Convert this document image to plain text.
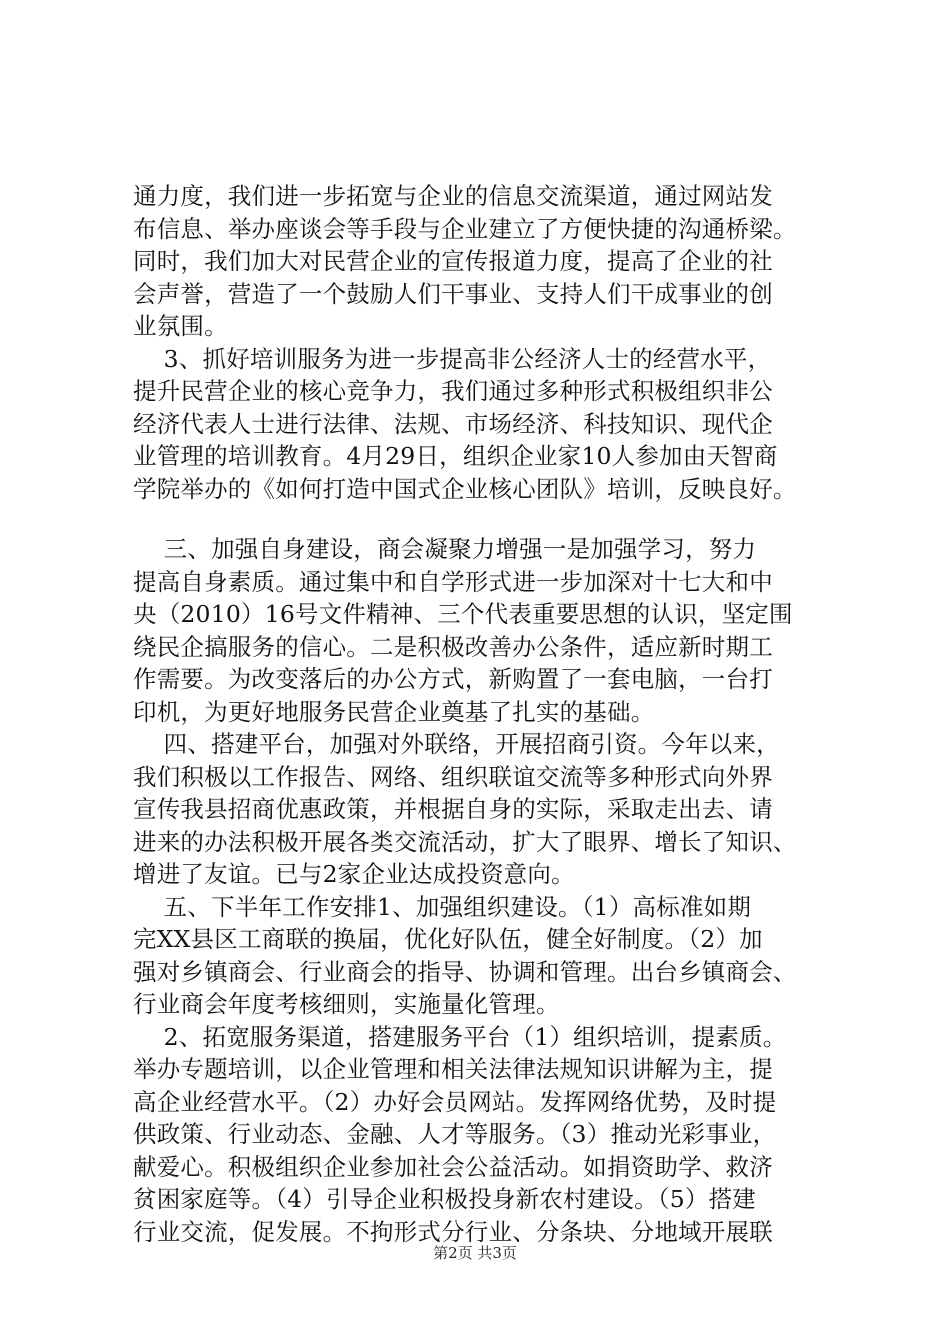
通力度，我们进一步拓宽与企业的信息交流渠道，通过网站发
布信息、举办座谈会等手段与企业建立了方便快捷的沟通桥梁。
同时，我们加大对民营企业的宣传报道力度，提高了企业的社
会声誉，营造了一个鼓励人们干事业、支持人们干成事业的创
业氛围。
3、抓好培训服务为进一步提高非公经济人士的经营水平，
提升民营企业的核心竞争力，我们通过多种形式积极组织非公
经济代表人士进行法律、法规、市场经济、科技知识、现代企
业管理的培训教育。4月29日，组织企业家10人参加由天智商
学院举办的《如何打造中国式企业核心团队》培训，反映良好。
三、加强自身建设，商会凝聚力增强一是加强学习，努力
提高自身素质。通过集中和自学形式进一步加深对十七大和中
央（2010）16号文件精神、三个代表重要思想的认识，坚定围
绕民企搞服务的信心。二是积极改善办公条件，适应新时期工
作需要。为改变落后的办公方式，新购置了一套电脑，一台打
印机，为更好地服务民营企业奠基了扎实的基础。
四、搭建平台，加强对外联络，开展招商引资。今年以来，
我们积极以工作报告、网络、组织联谊交流等多种形式向外界
宣传我县招商优惠政策，并根据自身的实际，采取走出去、请
进来的办法积极开展各类交流活动，扩大了眼界、增长了知识、
增进了友谊。已与2家企业达成投资意向。
五、下半年工作安排1、加强组织建设。（1）高标准如期
完XX县区工商联的换届，优化好队伍，健全好制度。（2）加
强对乡镇商会、行业商会的指导、协调和管理。出台乡镇商会、
行业商会年度考核细则，实施量化管理。
2、拓宽服务渠道，搭建服务平台（1）组织培训，提素质。
举办专题培训，以企业管理和相关法律法规知识讲解为主，提
高企业经营水平。（2）办好会员网站。发挥网络优势，及时提
供政策、行业动态、金融、人才等服务。（3）推动光彩事业，
献爱心。积极组织企业参加社会公益活动。如捐资助学、救济
贫困家庭等。（4）引导企业积极投身新农村建设。（5）搭建
行业交流，促发展。不拘形式分行业、分条块、分地域开展联
第2页 共3页
